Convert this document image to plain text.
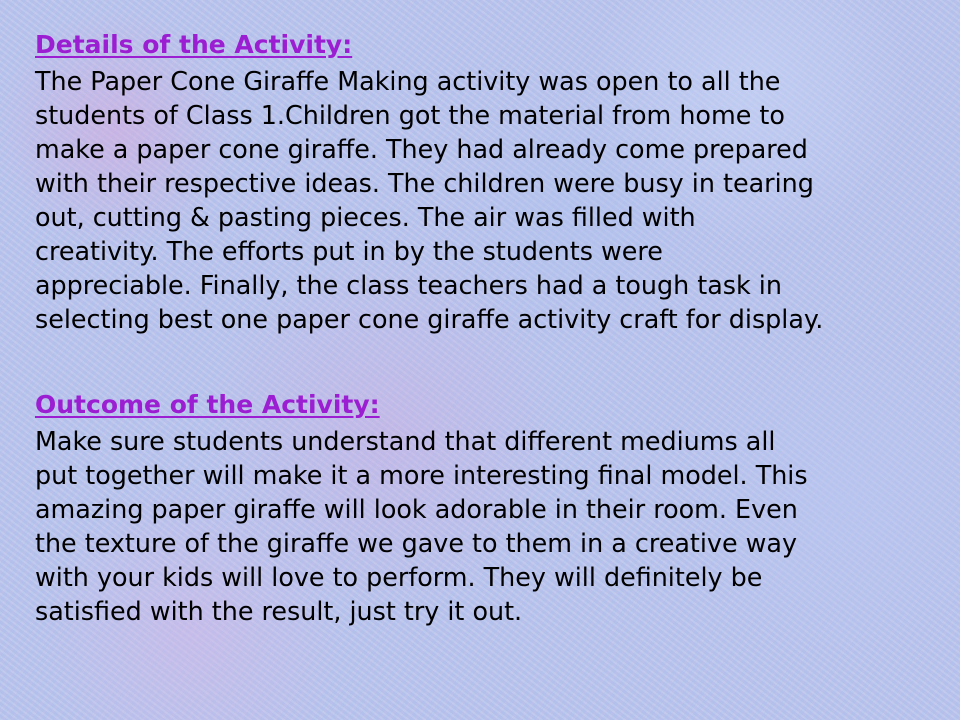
Details of the Activity:
The Paper Cone Giraffe Making activity was open to all the
students of Class 1.Children got the material from home to
make a paper cone giraffe. They had already come prepared
with their respective ideas. The children were busy in tearing
out, cutting & pasting pieces. The air was filled with
creativity. The efforts put in by the students were
appreciable. Finally, the class teachers had a tough task in
selecting best one paper cone giraffe activity craft for display.
Outcome of the Activity:
Make sure students understand that different mediums all
put together will make it a more interesting final model. This
amazing paper giraffe will look adorable in their room. Even
the texture of the giraffe we gave to them in a creative way
with your kids will love to perform. They will definitely be
satisfied with the result, just try it out.
